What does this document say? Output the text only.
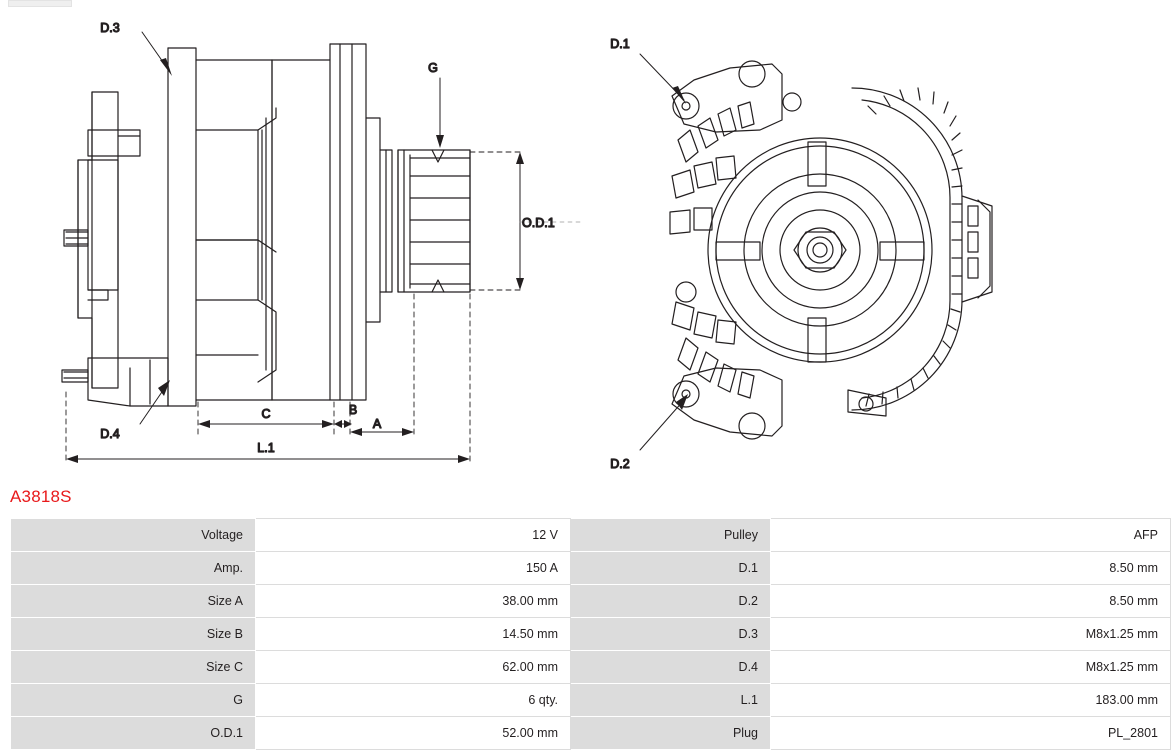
G
O.D.1
D.3
D.4
C	B
A
L.1
D.1
D.2
A3818S
Voltage	12 V	Pulley	AFP
Amp.	150 A	D.1	8.50 mm
Size A	38.00 mm	D.2	8.50 mm
Size B	14.50 mm	D.3	M8x1.25 mm
Size C	62.00 mm	D.4	M8x1.25 mm
G	6 qty.	L.1	183.00 mm
O.D.1	52.00 mm	Plug	PL_2801
